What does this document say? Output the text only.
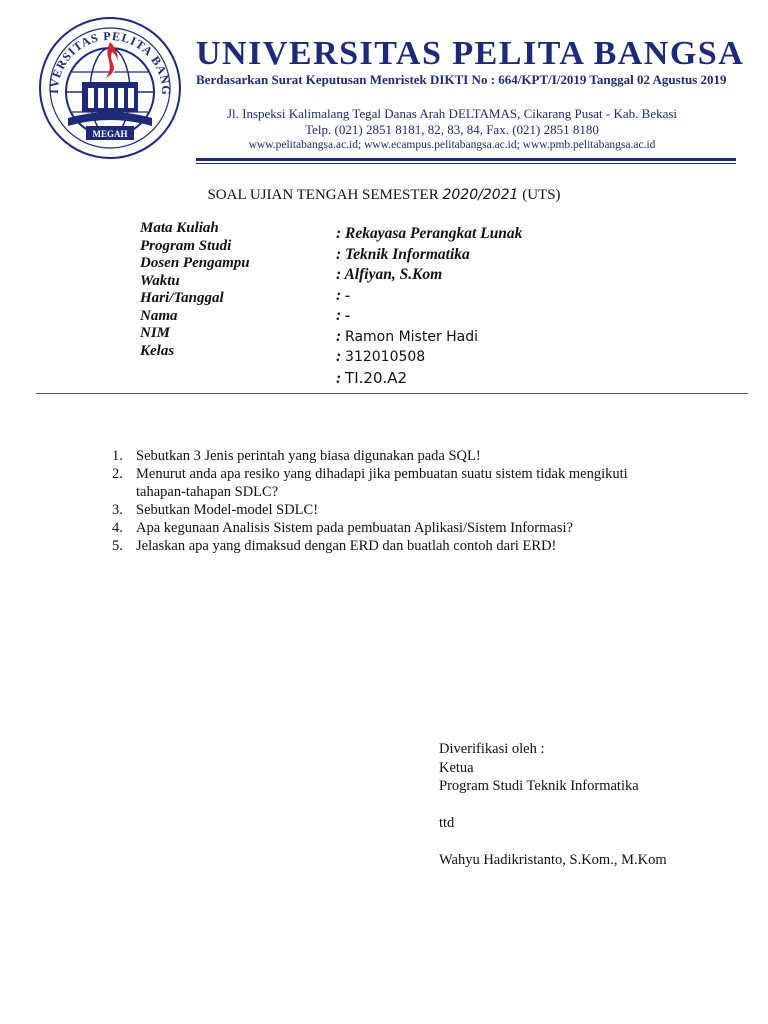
IVERSITAS PELITA BANG
MEGAH
UNIVERSITAS PELITA BANGSA
Berdasarkan Surat Keputusan Menristek DIKTI No : 664/KPT/I/2019 Tanggal 02 Agustus 2019
Jl. Inspeksi Kalimalang Tegal Danas Arah DELTAMAS, Cikarang Pusat - Kab. Bekasi
Telp. (021) 2851 8181, 82, 83, 84, Fax. (021) 2851 8180
www.pelitabangsa.ac.id; www.ecampus.pelitabangsa.ac.id; www.pmb.pelitabangsa.ac.id
SOAL UJIAN TENGAH SEMESTER 2020/2021 (UTS)
Mata Kuliah
Program Studi
Dosen Pengampu
Waktu
Hari/Tanggal
Nama
NIM
Kelas
: Rekayasa Perangkat Lunak
: Teknik Informatika
: Alfiyan, S.Kom
: -
: -
: Ramon Mister Hadi
: 312010508
: TI.20.A2
1. Sebutkan 3 Jenis perintah yang biasa digunakan pada SQL!
2. Menurut anda apa resiko yang dihadapi jika pembuatan suatu sistem tidak mengikuti tahapan-tahapan SDLC?
3. Sebutkan Model-model SDLC!
4. Apa kegunaan Analisis Sistem pada pembuatan Aplikasi/Sistem Informasi?
5. Jelaskan apa yang dimaksud dengan ERD dan buatlah contoh dari ERD!
Diverifikasi oleh :
Ketua
Program Studi Teknik Informatika
ttd
Wahyu Hadikristanto, S.Kom., M.Kom
